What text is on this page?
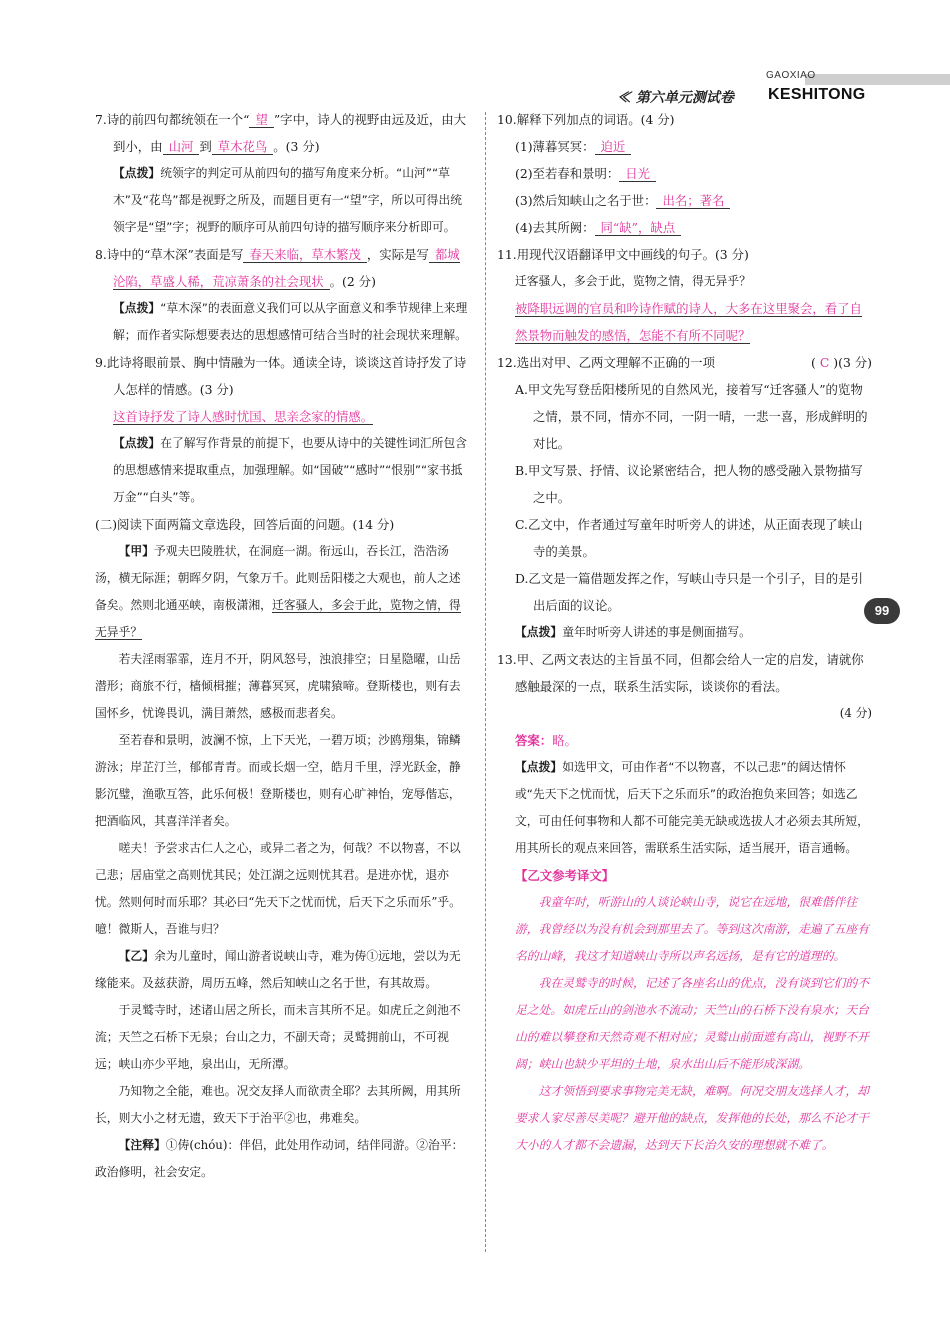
GAOXIAO
≪ 第六单元测试卷 KESHITONG

7.诗的前四句都统领在一个“ 望 ”字中，诗人的视野由远及近，由大到小，由 山河 到 草木花鸟 。(3 分)

【点拨】统领字的判定可从前四句的描写角度来分析。“山河”“草木”及“花鸟”都是视野之所及，而题目更有一“望”字，所以可得出统领字是“望”字；视野的顺序可从前四句诗的描写顺序来分析即可。

8.诗中的“草木深”表面是写 春天来临，草木繁茂 ，实际是写 都城沦陷，草盛人稀，荒凉萧条的社会现状 。(2 分)

【点拨】“草木深”的表面意义我们可以从字面意义和季节规律上来理解；而作者实际想要表达的思想感情可结合当时的社会现状来理解。

9.此诗将眼前景、胸中情融为一体。通读全诗，谈谈这首诗抒发了诗人怎样的情感。(3 分)

这首诗抒发了诗人感时忧国、思亲念家的情感。

【点拨】在了解写作背景的前提下，也要从诗中的关键性词汇所包含的思想感情来提取重点，加强理解。如“国破”“感时”“恨别”“家书抵万金”“白头”等。

(二)阅读下面两篇文章选段，回答后面的问题。(14 分)

【甲】予观夫巴陵胜状，在洞庭一湖。衔远山，吞长江，浩浩汤汤，横无际涯；朝晖夕阴，气象万千。此则岳阳楼之大观也，前人之述备矣。然则北通巫峡，南极潇湘，迁客骚人，多会于此，览物之情，得无异乎？

若夫淫雨霏霏，连月不开，阴风怒号，浊浪排空；日星隐曜，山岳潜形；商旅不行，樯倾楫摧；薄暮冥冥，虎啸猿啼。登斯楼也，则有去国怀乡，忧谗畏讥，满目萧然，感极而悲者矣。

至若春和景明，波澜不惊，上下天光，一碧万顷；沙鸥翔集，锦鳞游泳；岸芷汀兰，郁郁青青。而或长烟一空，皓月千里，浮光跃金，静影沉璧，渔歌互答，此乐何极！登斯楼也，则有心旷神怡，宠辱偕忘，把酒临风，其喜洋洋者矣。

嗟夫！予尝求古仁人之心，或异二者之为，何哉？不以物喜，不以己悲；居庙堂之高则忧其民；处江湖之远则忧其君。是进亦忧，退亦忧。然则何时而乐耶？其必曰“先天下之忧而忧，后天下之乐而乐”乎。噫！微斯人，吾谁与归？

【乙】余为儿童时，闻山游者说峡山寺，难为俦①远地，尝以为无缘能来。及兹获游，周历五峰，然后知峡山之名于世，有其故焉。

于灵鹫寺时，述诸山居之所长，而未言其所不足。如虎丘之剑池不流；天竺之石桥下无泉；台山之力，不副天奇；灵鹫拥前山，不可视远；峡山亦少平地，泉出山，无所潭。

乃知物之全能，难也。况交友择人而欲责全耶？去其所阙，用其所长，则大小之材无遗，致天下于治平②也，弗难矣。

【注释】①俦(chóu)：伴侣，此处用作动词，结伴同游。②治平：政治修明，社会安定。

10.解释下列加点的词语。(4 分)

(1)薄暮冥冥： 迫近

(2)至若春和景明： 日光

(3)然后知峡山之名于世： 出名；著名

(4)去其所阙： 同“缺”，缺点

11.用现代汉语翻译甲文中画线的句子。(3 分)

迁客骚人，多会于此，览物之情，得无异乎？

被降职远调的官员和吟诗作赋的诗人，大多在这里聚会，看了自然景物而触发的感悟，怎能不有所不同呢？

12.选出对甲、乙两文理解不正确的一项	( C )(3 分)

A.甲文先写登岳阳楼所见的自然风光，接着写“迁客骚人”的览物之情，景不同，情亦不同，一阴一晴，一悲一喜，形成鲜明的对比。

B.甲文写景、抒情、议论紧密结合，把人物的感受融入景物描写之中。

C.乙文中，作者通过写童年时听旁人的讲述，从正面表现了峡山寺的美景。

D.乙文是一篇借题发挥之作，写峡山寺只是一个引子，目的是引出后面的议论。

【点拨】童年时听旁人讲述的事是侧面描写。

13.甲、乙两文表达的主旨虽不同，但都会给人一定的启发，请就你感触最深的一点，联系生活实际，谈谈你的看法。

(4 分)

答案：略。

【点拨】如选甲文，可由作者“不以物喜，不以己悲”的阔达情怀或“先天下之忧而忧，后天下之乐而乐”的政治抱负来回答；如选乙文，可由任何事物和人都不可能完美无缺或选拔人才必须去其所短，用其所长的观点来回答，需联系生活实际，适当展开，语言通畅。

【乙文参考译文】

我童年时，听游山的人谈论峡山寺，说它在远地，很难偕伴往游，我曾经以为没有机会到那里去了。等到这次南游，走遍了五座有名的山峰，我这才知道峡山寺所以声名远扬，是有它的道理的。

我在灵鹫寺的时候，记述了各座名山的优点，没有谈到它们的不足之处。如虎丘山的剑池水不流动；天竺山的石桥下没有泉水；天台山的难以攀登和天然奇观不相对应；灵鹫山前面遮有高山，视野不开阔；峡山也缺少平坦的土地，泉水出山后不能形成深湖。

这才领悟到要求事物完美无缺，难啊。何况交朋友选择人才，却要求人家尽善尽美呢？避开他的缺点，发挥他的长处，那么不论才干大小的人才都不会遗漏，达到天下长治久安的理想就不难了。

99
